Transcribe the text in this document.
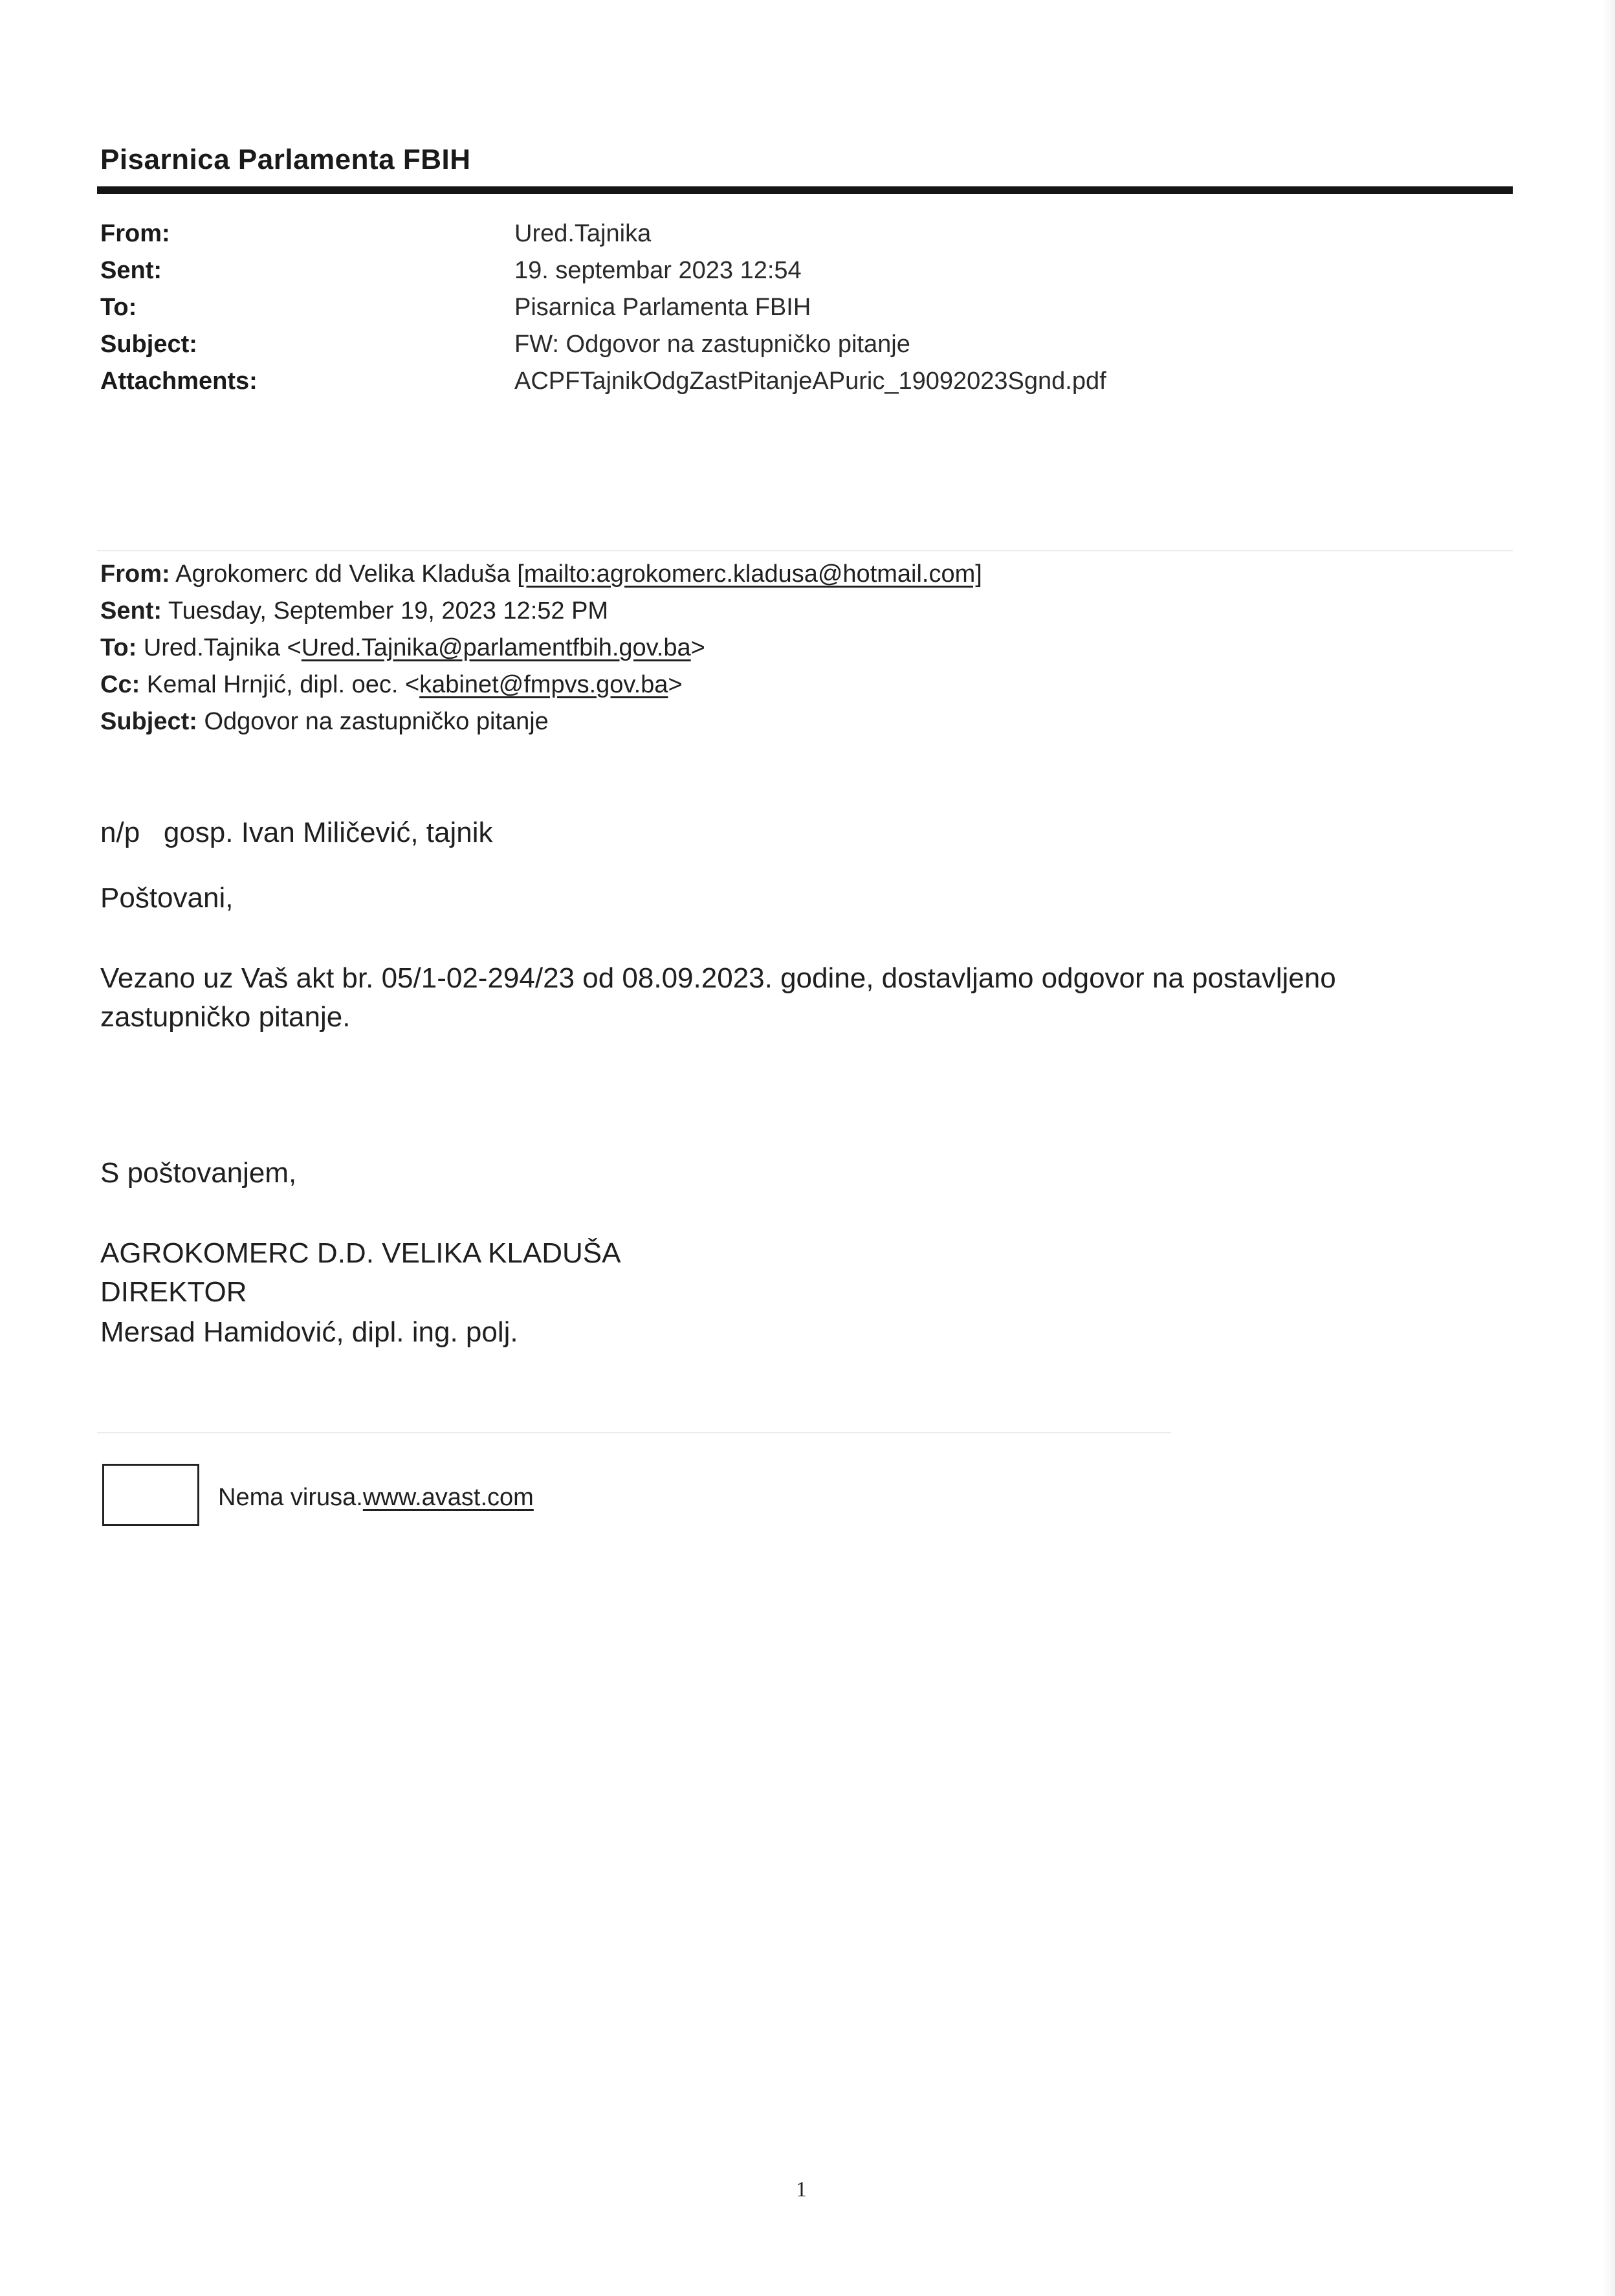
Pisarnica Parlamenta FBIH
From:	Ured.Tajnika
Sent:	19. septembar 2023 12:54
To:	Pisarnica Parlamenta FBIH
Subject:	FW: Odgovor na zastupničko pitanje
Attachments:	ACPFTajnikOdgZastPitanjeAPuric_19092023Sgnd.pdf
From: Agrokomerc dd Velika Kladuša [mailto:agrokomerc.kladusa@hotmail.com]
Sent: Tuesday, September 19, 2023 12:52 PM
To: Ured.Tajnika <Ured.Tajnika@parlamentfbih.gov.ba>
Cc: Kemal Hrnjić, dipl. oec. <kabinet@fmpvs.gov.ba>
Subject: Odgovor na zastupničko pitanje
n/p   gosp. Ivan Miličević, tajnik
Poštovani,
Vezano uz Vaš akt br. 05/1-02-294/23 od 08.09.2023. godine, dostavljamo odgovor na postavljeno
zastupničko pitanje.
S poštovanjem,
AGROKOMERC D.D. VELIKA KLADUŠA
DIREKTOR
Mersad Hamidović, dipl. ing. polj.
Nema virusa.www.avast.com
1
